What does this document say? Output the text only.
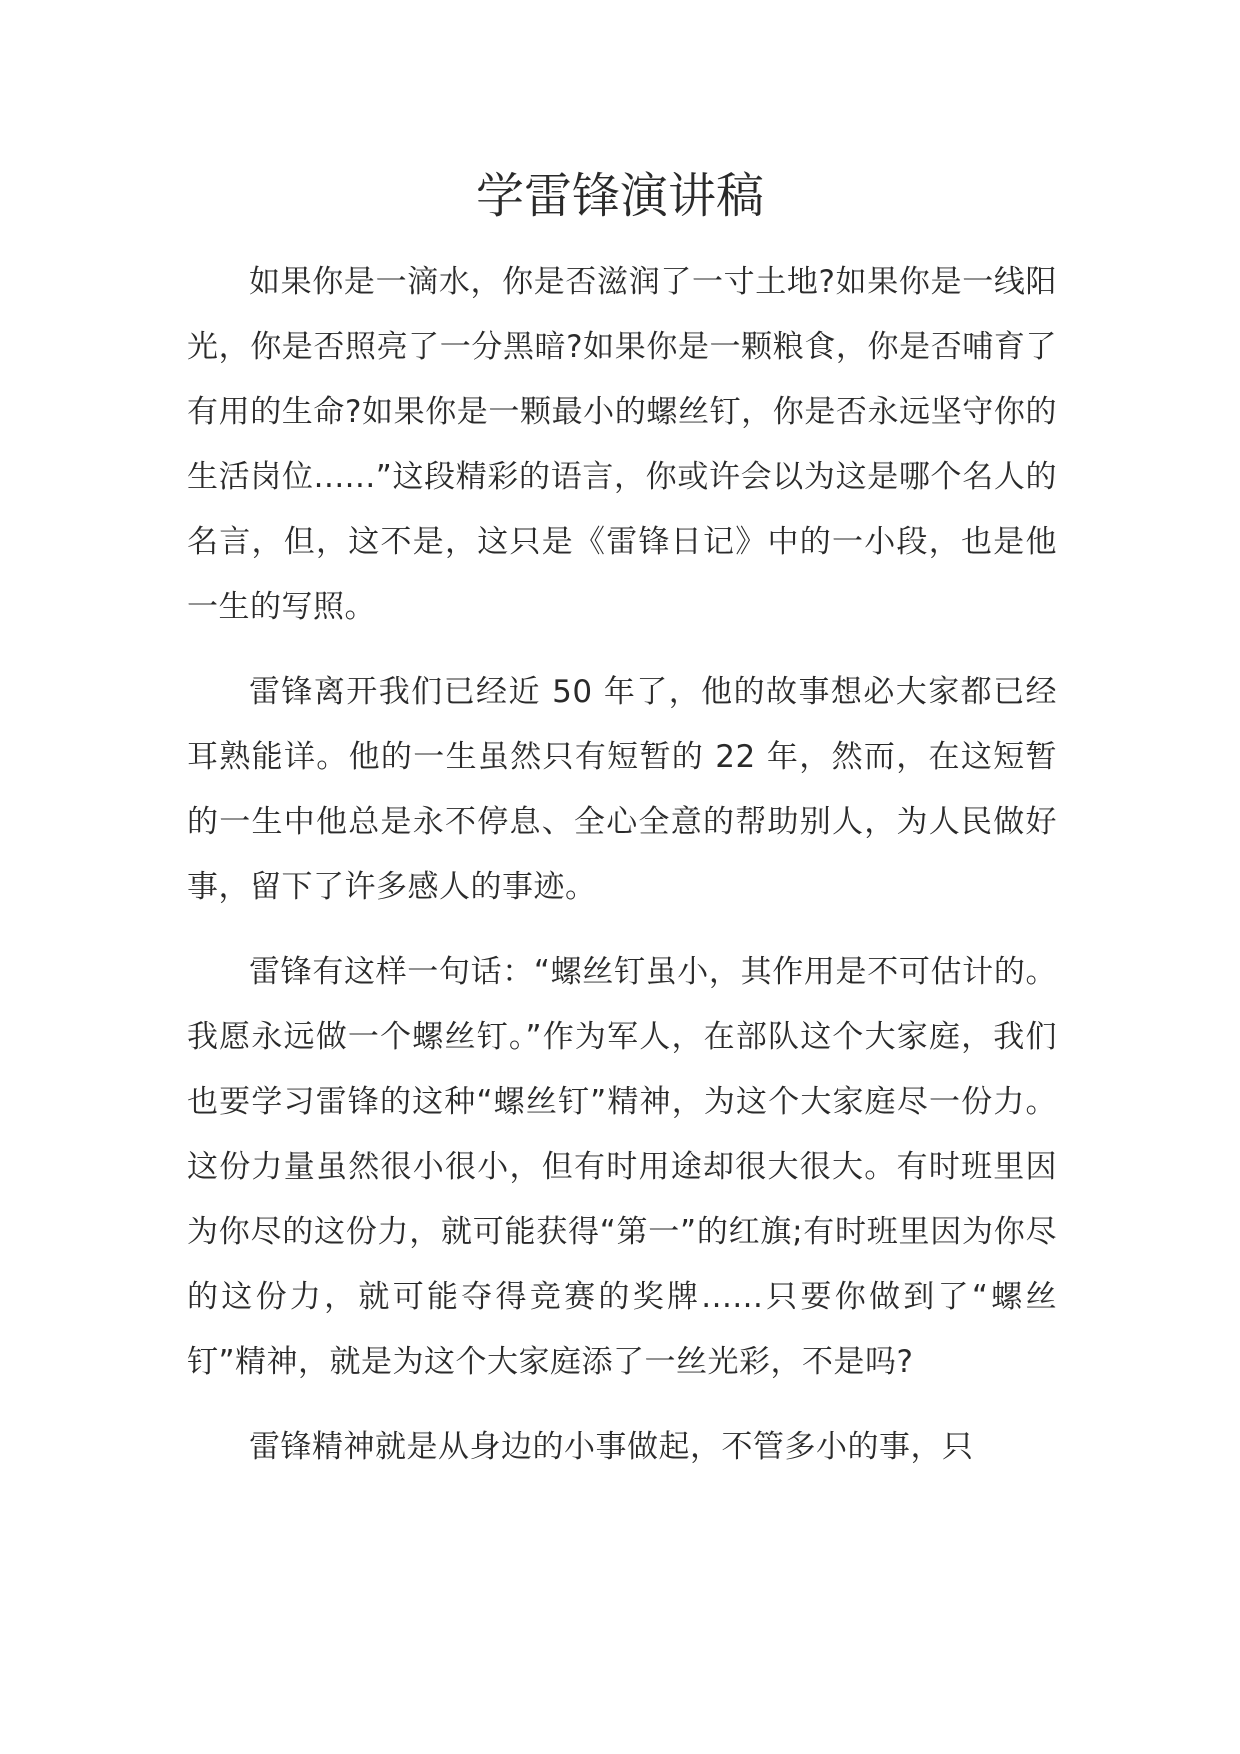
学雷锋演讲稿

如果你是一滴水，你是否滋润了一寸土地?如果你是一线阳光，你是否照亮了一分黑暗?如果你是一颗粮食，你是否哺育了有用的生命?如果你是一颗最小的螺丝钉，你是否永远坚守你的生活岗位......”这段精彩的语言，你或许会以为这是哪个名人的名言，但，这不是，这只是《雷锋日记》中的一小段，也是他一生的写照。

雷锋离开我们已经近 50 年了，他的故事想必大家都已经耳熟能详。他的一生虽然只有短暂的 22 年，然而，在这短暂的一生中他总是永不停息、全心全意的帮助别人，为人民做好事，留下了许多感人的事迹。

雷锋有这样一句话：“螺丝钉虽小，其作用是不可估计的。我愿永远做一个螺丝钉。”作为军人，在部队这个大家庭，我们也要学习雷锋的这种“螺丝钉”精神，为这个大家庭尽一份力。这份力量虽然很小很小，但有时用途却很大很大。有时班里因为你尽的这份力，就可能获得“第一”的红旗;有时班里因为你尽的这份力，就可能夺得竞赛的奖牌......只要你做到了“螺丝钉”精神，就是为这个大家庭添了一丝光彩，不是吗?

雷锋精神就是从身边的小事做起，不管多小的事，只
